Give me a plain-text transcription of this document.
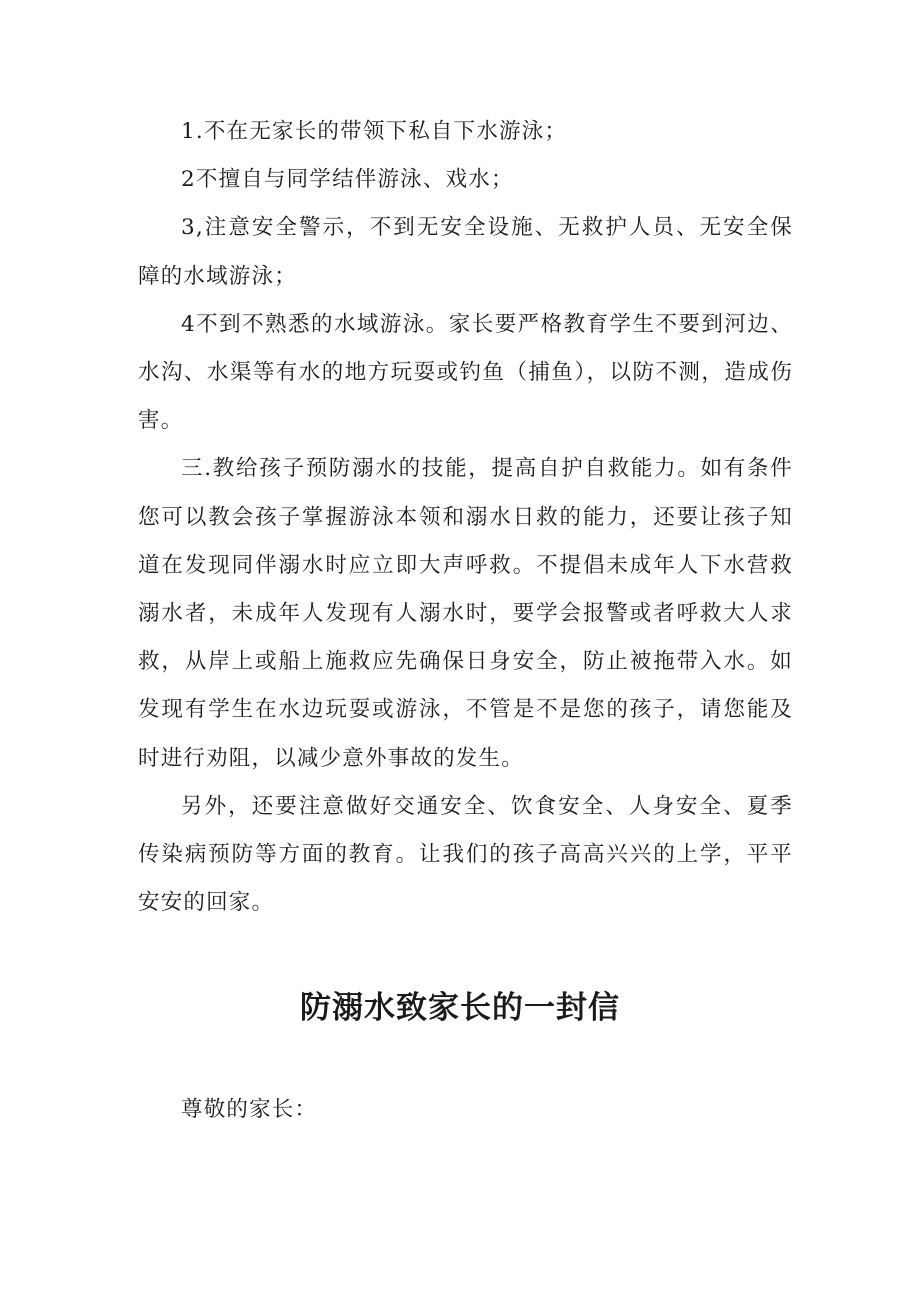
1.不在无家长的带领下私自下水游泳；

2不擅自与同学结伴游泳、戏水；

3,注意安全警示，不到无安全设施、无救护人员、无安全保障的水域游泳；

4不到不熟悉的水域游泳。家长要严格教育学生不要到河边、水沟、水渠等有水的地方玩耍或钓鱼（捕鱼），以防不测，造成伤害。

三.教给孩子预防溺水的技能，提高自护自救能力。如有条件您可以教会孩子掌握游泳本领和溺水日救的能力，还要让孩子知道在发现同伴溺水时应立即大声呼救。不提倡未成年人下水营救溺水者，未成年人发现有人溺水时，要学会报警或者呼救大人求救，从岸上或船上施救应先确保日身安全，防止被拖带入水。如发现有学生在水边玩耍或游泳，不管是不是您的孩子，请您能及时进行劝阻，以减少意外事故的发生。

另外，还要注意做好交通安全、饮食安全、人身安全、夏季传染病预防等方面的教育。让我们的孩子高高兴兴的上学，平平安安的回家。

防溺水致家长的一封信

尊敬的家长：
